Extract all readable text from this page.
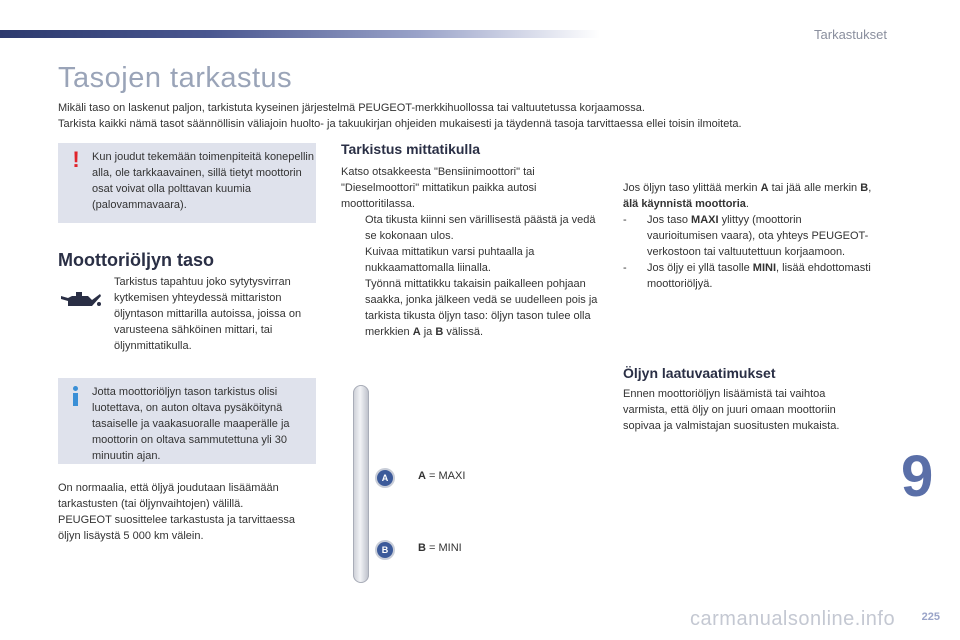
Tarkastukset
Tasojen tarkastus

Mikäli taso on laskenut paljon, tarkistuta kyseinen järjestelmä PEUGEOT-merkkihuollossa tai valtuutetussa korjaamossa.

Tarkista kaikki nämä tasot säännöllisin väliajoin huolto- ja takuukirjan ohjeiden mukaisesti ja täydennä tasoja tarvittaessa ellei toisin ilmoiteta.

!	Kun joudut tekemään toimenpiteitä konepellin alla, ole tarkkaavainen, sillä tietyt moottorin osat voivat olla polttavan kuumia (palovammavaara).
Moottoriöljyn taso
Tarkistus tapahtuu joko sytytysvirran kytkemisen yhteydessä mittariston öljyntason mittarilla autoissa, joissa on varusteena sähköinen mittari, tai öljynmittatikulla.
Jotta moottoriöljyn tason tarkistus olisi luotettava, on auton oltava pysäköitynä tasaiselle ja vaakasuoralle maaperälle ja moottorin on oltava sammutettuna yli 30 minuutin ajan.

On normaalia, että öljyä joudutaan lisäämään tarkastusten (tai öljynvaihtojen) välillä.

PEUGEOT suosittelee tarkastusta ja tarvittaessa öljyn lisäystä 5 000 km välein.

Tarkistus mittatikulla

Katso otsakkeesta "Bensiinimoottori" tai "Dieselmoottori" mittatikun paikka autosi moottoritilassa.

Ota tikusta kiinni sen värillisestä päästä ja vedä se kokonaan ulos.
Kuivaa mittatikun varsi puhtaalla ja nukkaamattomalla liinalla.
Työnnä mittatikku takaisin paikalleen pohjaan saakka, jonka jälkeen vedä se uudelleen pois ja tarkista tikusta öljyn taso: öljyn tason tulee olla merkkien A ja B välissä.
A
B
A = MAXI
B = MINI

Jos öljyn taso ylittää merkin A tai jää alle merkin B, älä käynnistä moottoria.

- Jos taso MAXI ylittyy (moottorin vaurioitumisen vaara), ota yhteys PEUGEOT-verkostoon tai valtuutettuun korjaamoon.
- Jos öljy ei yllä tasolle MINI, lisää ehdottomasti moottoriöljyä.
Öljyn laatuvaatimukset
Ennen moottoriöljyn lisäämistä tai vaihtoa varmista, että öljy on juuri omaan moottoriin sopivaa ja valmistajan suositusten mukaista.
9
225
carmanualsonline.info
